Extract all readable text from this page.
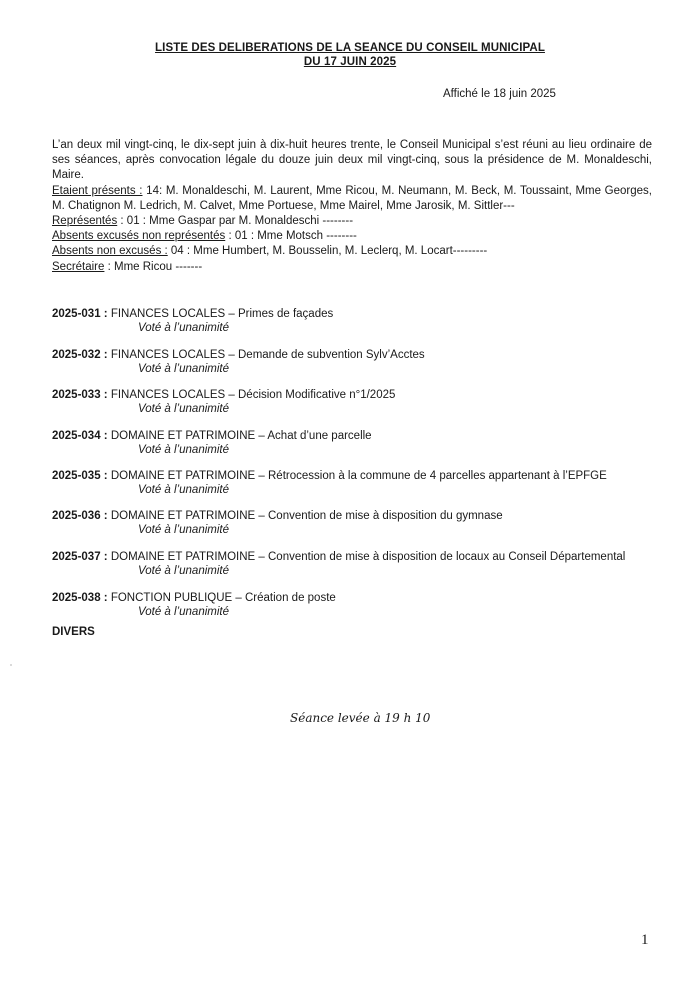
LISTE DES DELIBERATIONS DE LA SEANCE DU CONSEIL MUNICIPAL
DU 17 JUIN 2025
Affiché le 18 juin 2025

L’an deux mil vingt-cinq, le dix-sept juin à dix-huit heures trente, le Conseil Municipal s’est réuni au lieu ordinaire de ses séances, après convocation légale du douze juin deux mil vingt-cinq, sous la présidence de M. Monaldeschi, Maire.

Etaient présents : 14: M. Monaldeschi, M. Laurent, Mme Ricou, M. Neumann, M. Beck, M. Toussaint, Mme Georges, M. Chatignon M. Ledrich, M. Calvet, Mme Portuese, Mme Mairel, Mme Jarosik, M. Sittler---

Représentés : 01 : Mme Gaspar par M. Monaldeschi --------

Absents excusés non représentés : 01 : Mme Motsch --------

Absents non excusés : 04 : Mme Humbert, M. Bousselin, M. Leclerq, M. Locart---------

Secrétaire : Mme Ricou -------

2025-031 : FINANCES LOCALES – Primes de façades
Voté à l’unanimité
2025-032 : FINANCES LOCALES – Demande de subvention Sylv’Acctes
Voté à l’unanimité
2025-033 : FINANCES LOCALES – Décision Modificative n°1/2025
Voté à l’unanimité
2025-034 : DOMAINE ET PATRIMOINE – Achat d’une parcelle
Voté à l’unanimité
2025-035 : DOMAINE ET PATRIMOINE – Rétrocession à la commune de 4 parcelles appartenant à l’EPFGE
Voté à l’unanimité
2025-036 : DOMAINE ET PATRIMOINE – Convention de mise à disposition du gymnase
Voté à l’unanimité
2025-037 : DOMAINE ET PATRIMOINE – Convention de mise à disposition de locaux au Conseil Départemental
Voté à l’unanimité
2025-038 : FONCTION PUBLIQUE – Création de poste
Voté à l’unanimité
DIVERS
Séance levée à 19 h 10
1
